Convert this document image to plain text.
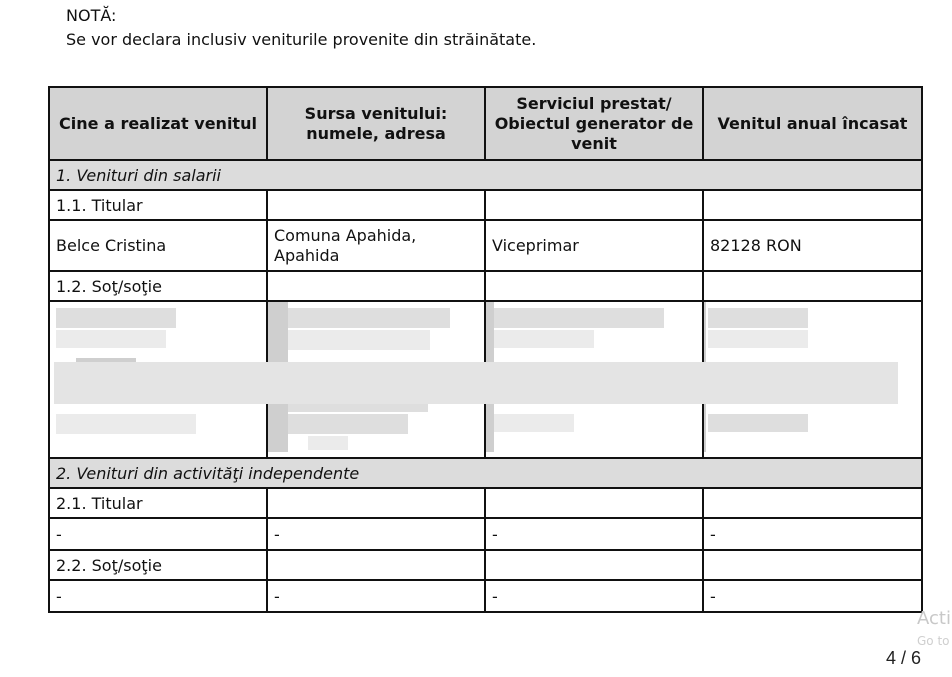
NOTĂ:
Se vor declara inclusiv veniturile provenite din străinătate.
Cine a realizat venitul	Sursa venitului: numele, adresa	Serviciul prestat/ Obiectul generator de venit	Venitul anual încasat
1. Venituri din salarii			
1.1. Titular			
Belce Cristina	Comuna Apahida, Apahida	Viceprimar	82128 RON
1.2. Soţ/soţie			

2. Venituri din activităţi independente			
2.1. Titular			
-	-	-	-
2.2. Soţ/soţie			
-	-	-	-
4 / 6
Acti
Go to
